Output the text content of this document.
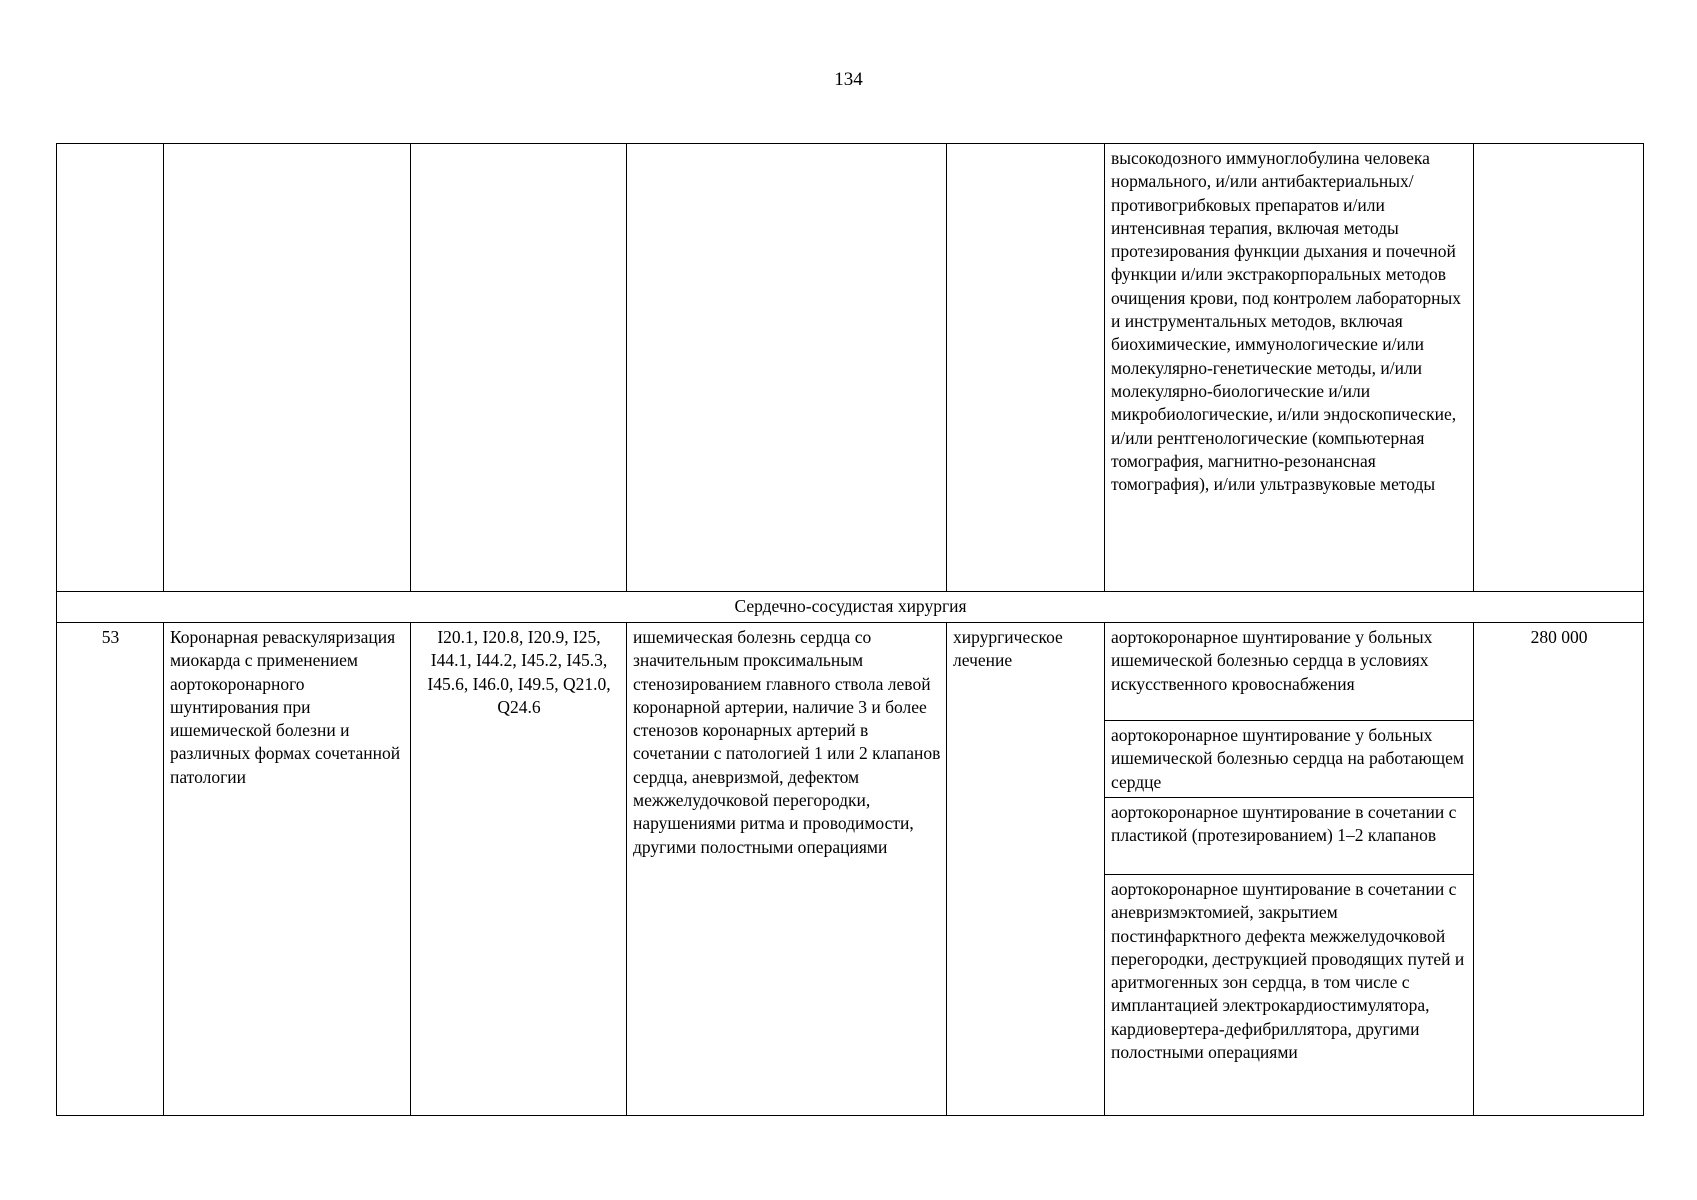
134
					высокодозного иммуноглобулина человека нормального, и/или антибактериальных/противогрибковых препаратов и/или интенсивная терапия, включая методы протезирования функции дыхания и почечной функции и/или экстракорпоральных методов очищения крови, под контролем лабораторных и инструментальных методов, включая биохимические, иммунологические и/или молекулярно-генетические методы, и/или молекулярно-биологические и/или микробиологические, и/или эндоскопические, и/или рентгенологические (компьютерная томография, магнитно-резонансная томография), и/или ультразвуковые методы	
Сердечно-сосудистая хирургия						
53	Коронарная реваскуляризация миокарда с применением аортокоронарного шунтирования при ишемической болезни и различных формах сочетанной патологии	I20.1, I20.8, I20.9, I25, I44.1, I44.2, I45.2, I45.3, I45.6, I46.0, I49.5, Q21.0, Q24.6	ишемическая болезнь сердца со значительным проксимальным стенозированием главного ствола левой коронарной артерии, наличие 3 и более стенозов коронарных артерий в сочетании с патологией 1 или 2 клапанов сердца, аневризмой, дефектом межжелудочковой перегородки, нарушениями ритма и проводимости, другими полостными операциями	хирургическое лечение	аортокоронарное шунтирование у больных ишемической болезнью сердца в условиях искусственного кровоснабжения	280 000
					аортокоронарное шунтирование у больных ишемической болезнью сердца на работающем сердце	
					аортокоронарное шунтирование в сочетании с пластикой (протезированием) 1–2 клапанов	
					аортокоронарное шунтирование в сочетании с аневризмэктомией, закрытием постинфарктного дефекта межжелудочковой перегородки, деструкцией проводящих путей и аритмогенных зон сердца, в том числе с имплантацией электрокардиостимулятора, кардиовертера-дефибриллятора, другими полостными операциями	
